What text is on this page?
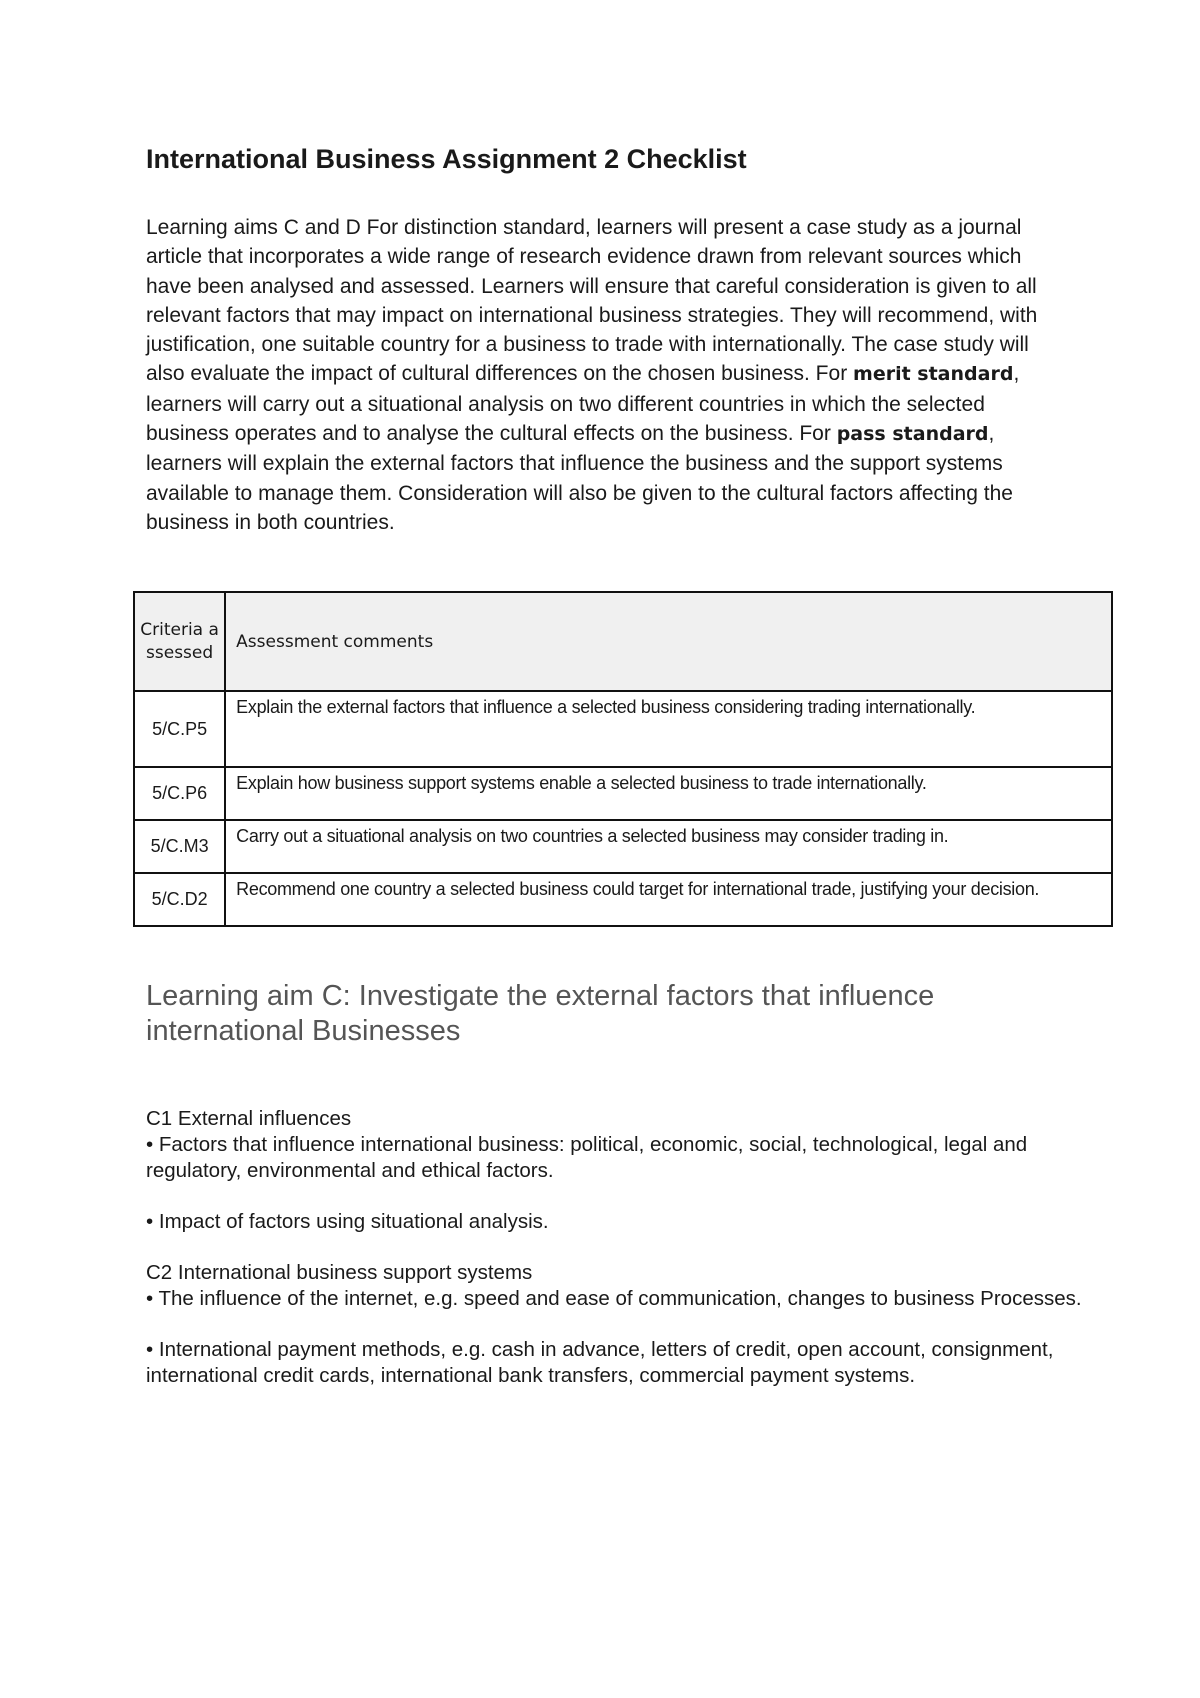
International Business Assignment 2 Checklist

Learning aims C and D For distinction standard, learners will present a case study as a journal article that incorporates a wide range of research evidence drawn from relevant sources which have been analysed and assessed. Learners will ensure that careful consideration is given to all relevant factors that may impact on international business strategies. They will recommend, with justification, one suitable country for a business to trade with internationally. The case study will also evaluate the impact of cultural differences on the chosen business. For merit standard, learners will carry out a situational analysis on two different countries in which the selected business operates and to analyse the cultural effects on the business. For pass standard, learners will explain the external factors that influence the business and the support systems available to manage them. Consideration will also be given to the cultural factors affecting the business in both countries.

Criteria assessed	Assessment comments
5/C.P5	Explain the external factors that influence a selected business considering trading internationally.
5/C.P6	Explain how business support systems enable a selected business to trade internationally.
5/C.M3	Carry out a situational analysis on two countries a selected business may consider trading in.
5/C.D2	Recommend one country a selected business could target for international trade, justifying your decision.
Learning aim C: Investigate the external factors that influence international Businesses

C1 External influences

• Factors that influence international business: political, economic, social, technological, legal and regulatory, environmental and ethical factors.

• Impact of factors using situational analysis.

C2 International business support systems

• The influence of the internet, e.g. speed and ease of communication, changes to business Processes.

• International payment methods, e.g. cash in advance, letters of credit, open account, consignment, international credit cards, international bank transfers, commercial payment systems.
